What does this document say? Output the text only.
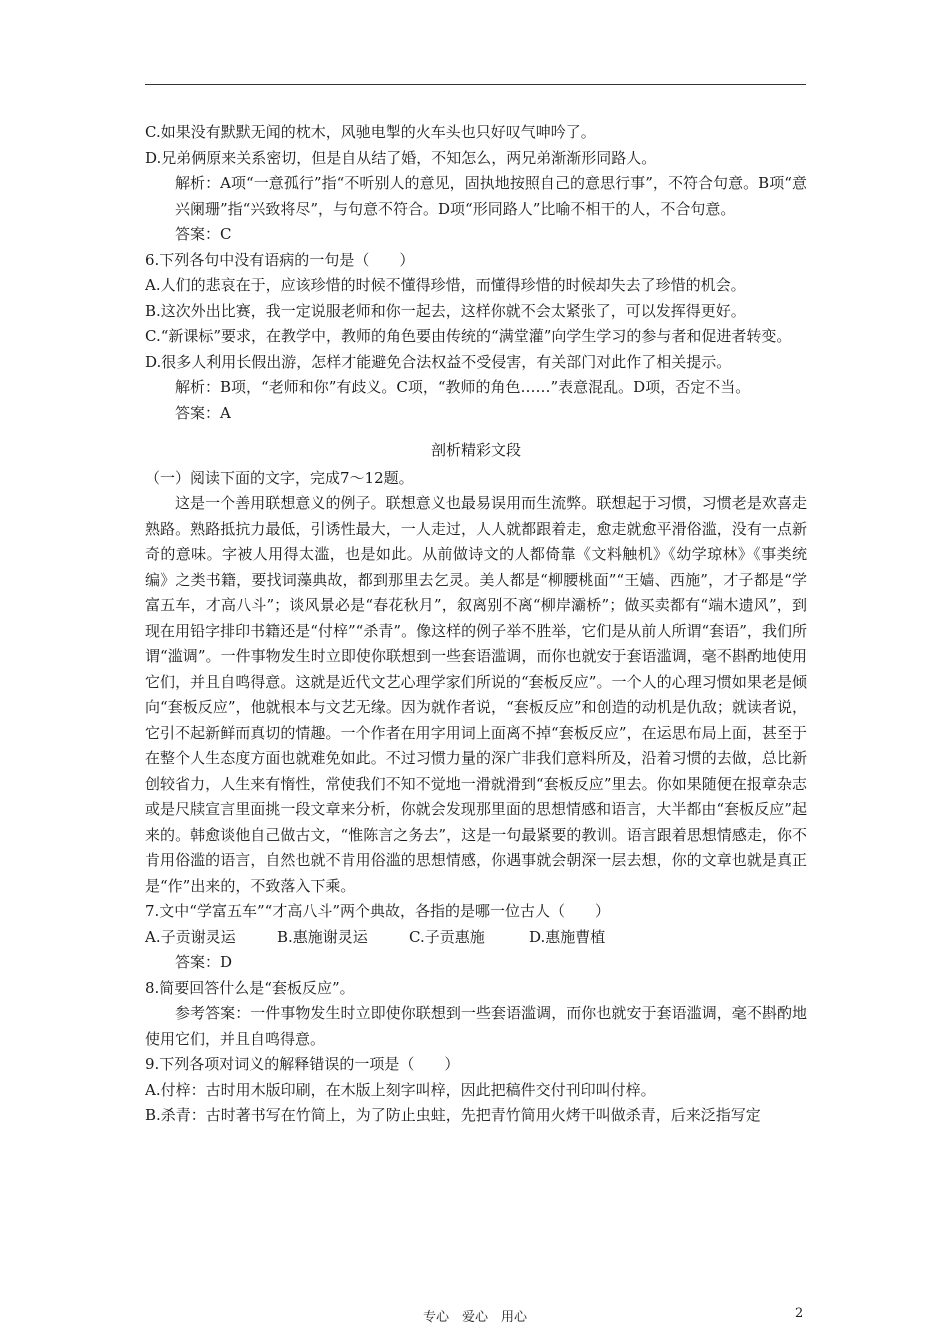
C.如果没有默默无闻的枕木，风驰电掣的火车头也只好叹气呻吟了。

D.兄弟俩原来关系密切，但是自从结了婚，不知怎么，两兄弟渐渐形同路人。

解析：A项“一意孤行”指“不听别人的意见，固执地按照自己的意思行事”，不符合句意。B项“意兴阑珊”指“兴致将尽”，与句意不符合。D项“形同路人”比喻不相干的人，不合句意。

答案：C

6.下列各句中没有语病的一句是（　　）

A.人们的悲哀在于，应该珍惜的时候不懂得珍惜，而懂得珍惜的时候却失去了珍惜的机会。

B.这次外出比赛，我一定说服老师和你一起去，这样你就不会太紧张了，可以发挥得更好。

C.“新课标”要求，在教学中，教师的角色要由传统的“满堂灌”向学生学习的参与者和促进者转变。

D.很多人利用长假出游，怎样才能避免合法权益不受侵害，有关部门对此作了相关提示。

解析：B项，“老师和你”有歧义。C项，“教师的角色……”表意混乱。D项，否定不当。

答案：A

剖析精彩文段

（一）阅读下面的文字，完成7～12题。

这是一个善用联想意义的例子。联想意义也最易误用而生流弊。联想起于习惯，习惯老是欢喜走熟路。熟路抵抗力最低，引诱性最大，一人走过，人人就都跟着走，愈走就愈平滑俗滥，没有一点新奇的意味。字被人用得太滥，也是如此。从前做诗文的人都倚靠《文料触机》《幼学琼林》《事类统编》之类书籍，要找词藻典故，都到那里去乞灵。美人都是“柳腰桃面”“王嫱、西施”，才子都是“学富五车，才高八斗”；谈风景必是“春花秋月”，叙离别不离“柳岸灞桥”；做买卖都有“端木遗风”，到现在用铅字排印书籍还是“付梓”“杀青”。像这样的例子举不胜举，它们是从前人所谓“套语”，我们所谓“滥调”。一件事物发生时立即使你联想到一些套语滥调，而你也就安于套语滥调，毫不斟酌地使用它们，并且自鸣得意。这就是近代文艺心理学家们所说的“套板反应”。一个人的心理习惯如果老是倾向“套板反应”，他就根本与文艺无缘。因为就作者说，“套板反应”和创造的动机是仇敌；就读者说，它引不起新鲜而真切的情趣。一个作者在用字用词上面离不掉“套板反应”，在运思布局上面，甚至于在整个人生态度方面也就难免如此。不过习惯力量的深广非我们意料所及，沿着习惯的去做，总比新创较省力，人生来有惰性，常使我们不知不觉地一滑就滑到“套板反应”里去。你如果随便在报章杂志或是尺牍宣言里面挑一段文章来分析，你就会发现那里面的思想情感和语言，大半都由“套板反应”起来的。韩愈谈他自己做古文，“惟陈言之务去”，这是一句最紧要的教训。语言跟着思想情感走，你不肯用俗滥的语言，自然也就不肯用俗滥的思想情感，你遇事就会朝深一层去想，你的文章也就是真正是“作”出来的，不致落入下乘。

7.文中“学富五车”“才高八斗”两个典故，各指的是哪一位古人（　　）

A.子贡谢灵运	B.惠施谢灵运	C.子贡惠施	D.惠施曹植

答案：D

8.简要回答什么是“套板反应”。

参考答案：一件事物发生时立即使你联想到一些套语滥调，而你也就安于套语滥调，毫不斟酌地使用它们，并且自鸣得意。

9.下列各项对词义的解释错误的一项是（　　）

A.付梓：古时用木版印刷，在木版上刻字叫梓，因此把稿件交付刊印叫付梓。

B.杀青：古时著书写在竹简上，为了防止虫蛀，先把青竹简用火烤干叫做杀青，后来泛指写定

专心　爱心　用心	2
